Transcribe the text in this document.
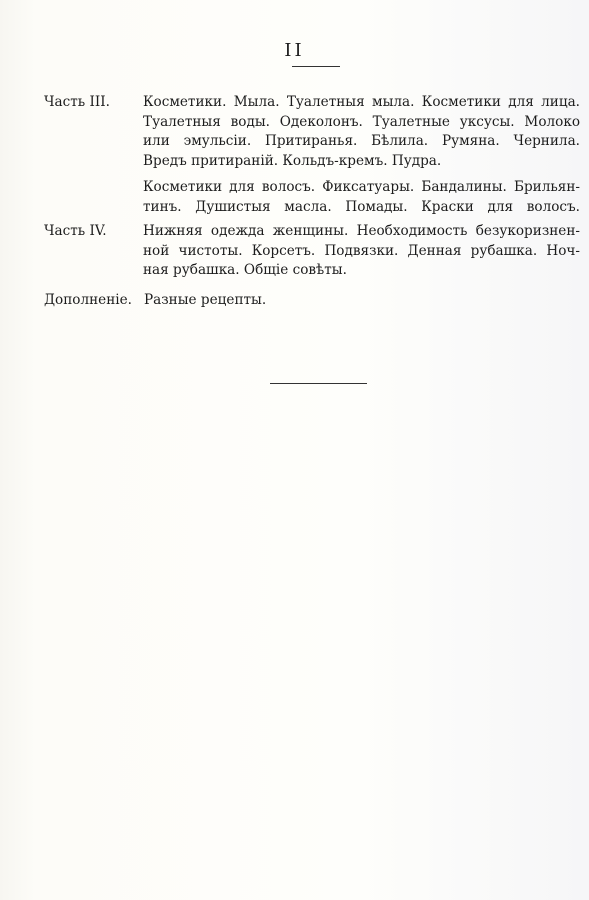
II
Часть III. Косметики. Мыла. Туалетныя мыла. Косметики для лица.
Туалетныя воды. Одеколонъ. Туалетные уксусы. Молоко
или эмульсiи. Притиранья. Бѣлила. Румяна. Чернила.
Вредъ притиранiй. Кольдъ-кремъ. Пудра.
Косметики для волосъ. Фиксатуары. Бандалины. Брильян-
тинъ. Душистыя масла. Помады. Краски для волосъ.
Часть IV.	Нижняя одежда женщины. Необходимость безукоризнен-
ной чистоты. Корсетъ. Подвязки. Денная рубашка. Ноч-
ная рубашка. Общiе совѣты.
Дополненiе. Разные рецепты.
